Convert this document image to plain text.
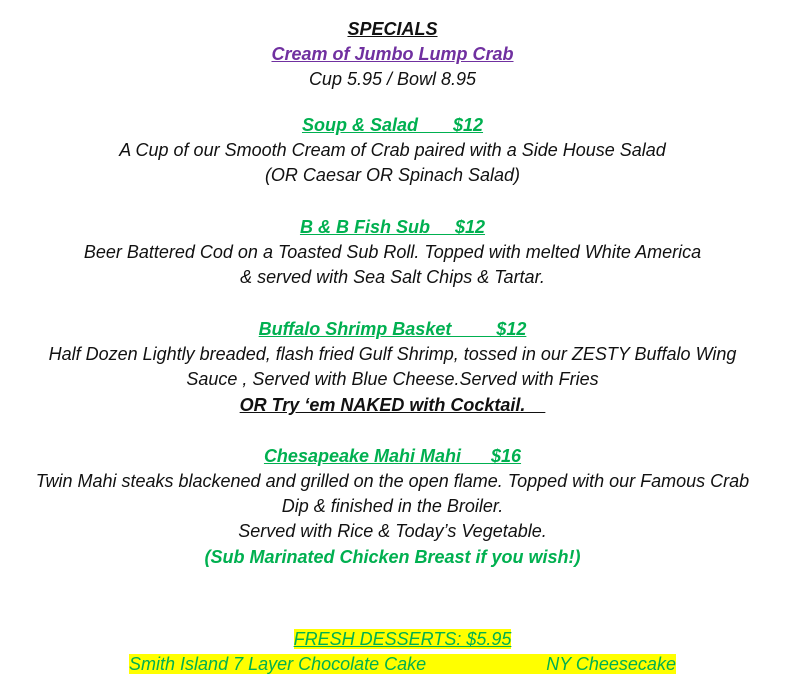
SPECIALS
Cream of Jumbo Lump Crab
Cup 5.95 / Bowl 8.95
Soup & Salad       $12
A Cup of our Smooth Cream of Crab paired with a Side House Salad
(OR Caesar OR Spinach Salad)
B & B Fish Sub     $12
Beer Battered Cod on a Toasted Sub Roll. Topped with melted White America
& served with Sea Salt Chips & Tartar.
Buffalo Shrimp Basket         $12
Half Dozen Lightly breaded, flash fried Gulf Shrimp, tossed in our ZESTY Buffalo Wing
Sauce , Served with Blue Cheese.Served with Fries
OR Try ‘em NAKED with Cocktail.
Chesapeake Mahi Mahi      $16
Twin Mahi steaks blackened and grilled on the open flame. Topped with our Famous Crab
Dip & finished in the Broiler.
Served with Rice & Today’s Vegetable.
(Sub Marinated Chicken Breast if you wish!)

FRESH DESSERTS: $5.95

Smith Island 7 Layer Chocolate Cake                        NY Cheesecake
